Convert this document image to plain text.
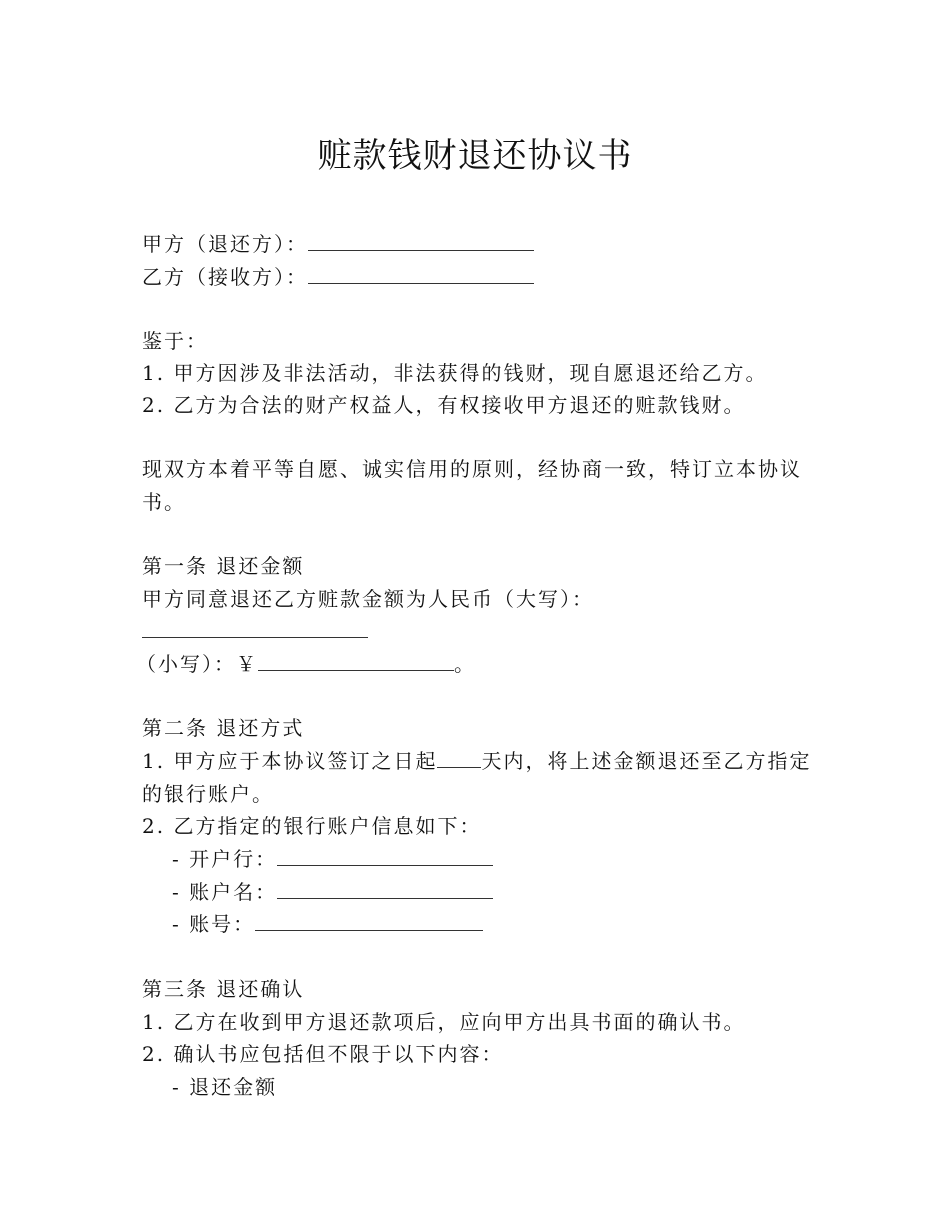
赃款钱财退还协议书
甲方（退还方）：
乙方（接收方）：
鉴于：
1. 甲方因涉及非法活动，非法获得的钱财，现自愿退还给乙方。
2. 乙方为合法的财产权益人，有权接收甲方退还的赃款钱财。
现双方本着平等自愿、诚实信用的原则，经协商一致，特订立本协议
书。
第一条 退还金额
甲方同意退还乙方赃款金额为人民币（大写）：
（小写）：￥	。
第二条 退还方式
1. 甲方应于本协议签订之日起 天内，将上述金额退还至乙方指定
的银行账户。
2. 乙方指定的银行账户信息如下：
- 开户行：
- 账户名：
- 账号：
第三条 退还确认
1. 乙方在收到甲方退还款项后，应向甲方出具书面的确认书。
2. 确认书应包括但不限于以下内容：
- 退还金额
